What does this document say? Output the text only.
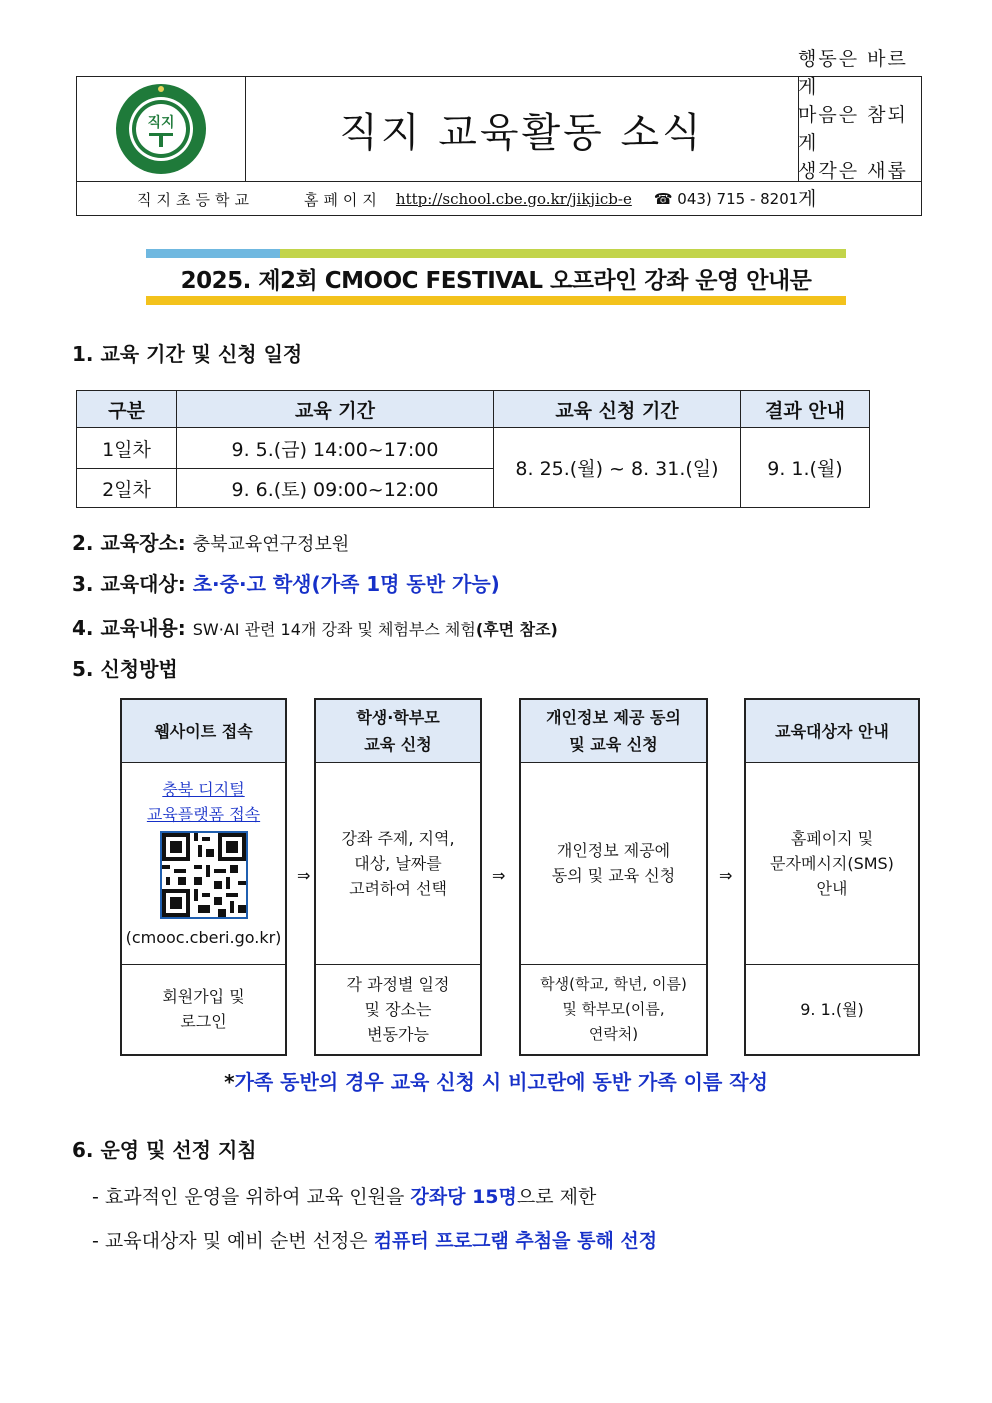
직지	직지 교육활동 소식
행동은 바르게
마음은 참되게
생각은 새롭게
직지초등학교	홈페이지 http://school.cbe.go.kr/jikjicb-e ☎ 043) 715 - 8201
2025. 제2회 CMOOC FESTIVAL 오프라인 강좌 운영 안내문
1. 교육 기간 및 신청 일정
구분	교육 기간	교육 신청 기간	결과 안내
1일차	9. 5.(금) 14:00~17:00	8. 25.(월) ~ 8. 31.(일)	9. 1.(월)
2일차	9. 6.(토) 09:00~12:00		
2. 교육장소: 충북교육연구정보원
3. 교육대상: 초·중·고 학생(가족 1명 동반 가능)
4. 교육내용: SW·AI 관련 14개 강좌 및 체험부스 체험(후면 참조)
5. 신청방법
웹사이트 접속
충북 디지털
교육플랫폼 접속
(cmooc.cberi.go.kr)
회원가입 및
로그인
⇒
학생·학부모
교육 신청
강좌 주제, 지역,
대상, 날짜를
고려하여 선택
각 과정별 일정
및 장소는
변동가능
⇒
개인정보 제공 동의
및 교육 신청
개인정보 제공에
동의 및 교육 신청
학생(학교, 학년, 이름)
및 학부모(이름,
연락처)
⇒
교육대상자 안내
홈페이지 및
문자메시지(SMS)
안내
9. 1.(월)
*가족 동반의 경우 교육 신청 시 비고란에 동반 가족 이름 작성
6. 운영 및 선정 지침
- 효과적인 운영을 위하여 교육 인원을 강좌당 15명으로 제한
- 교육대상자 및 예비 순번 선정은 컴퓨터 프로그램 추첨을 통해 선정
